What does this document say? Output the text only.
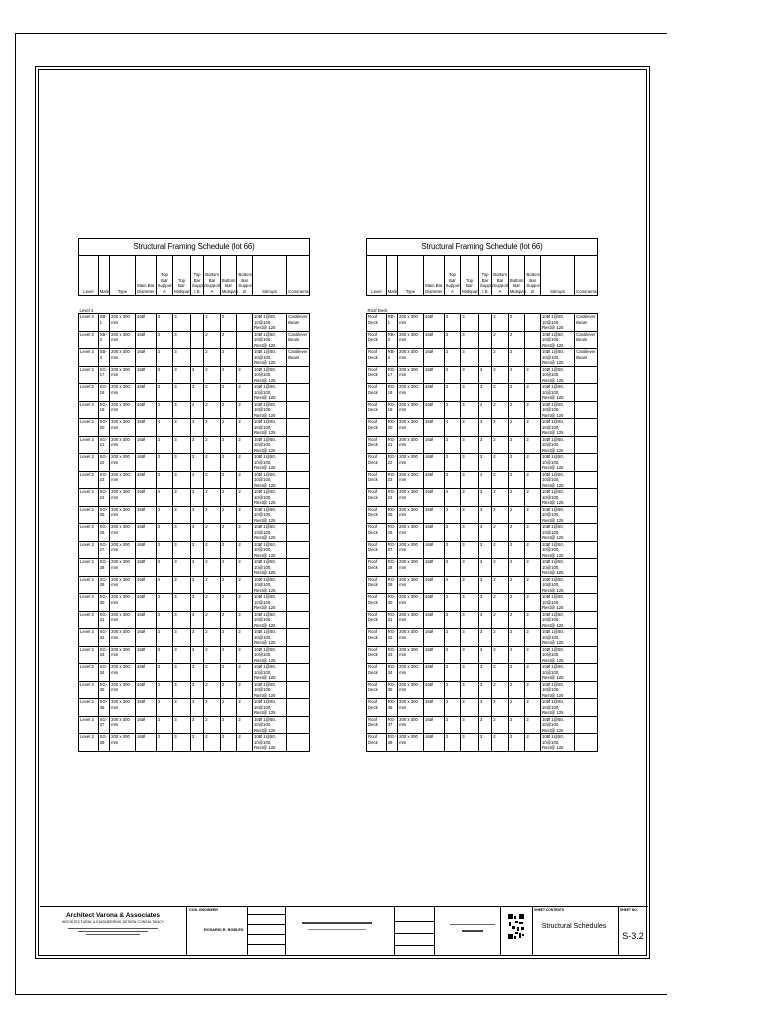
Structural Framing Schedule (lot 66)											
Level	Mark	Type	Main Bar Diameter	Top Bar Support A	Top Bar Midspan	Top Bar Suppor t B	Bottom Bar Support A	Bottom Bar Midspan	Bottom Bar Support B	Stirrups	Comments

Level 2											
Level 2	SB-1	200 x 300 mm	16Ø	3	3		2	2		10Ø 1@50, 10@100, Rest@ 125	Cantilever Beam
Level 2	SB-2	200 x 300 mm	16Ø	3	3		2	2		10Ø 1@50, 10@100, Rest@ 125	Cantilever Beam
Level 2	SB-3	200 x 300 mm	16Ø	3	3		2	2		10Ø 1@50, 10@100, Rest@ 125	Cantilever Beam
Level 2	SG-17	200 x 300 mm	16Ø	3	3	3	2	2	2	10Ø 1@50, 10@100, Rest@ 125	
Level 2	SG-18	200 x 300 mm	16Ø	3	3	3	2	2	2	10Ø 1@50, 10@100, Rest@ 125	
Level 2	SG-19	200 x 300 mm	16Ø	3	3	4	2	2	2	10Ø 1@50, 10@100, Rest@ 125	
Level 2	SG-20	200 x 300 mm	16Ø	4	3	3	2	2	2	10Ø 1@50, 10@100, Rest@ 125	
Level 2	SG-21	200 x 300 mm	16Ø	3	3	3	2	2	2	10Ø 1@50, 10@100, Rest@ 125	
Level 2	SG-22	200 x 300 mm	16Ø	3	3	3	2	2	2	10Ø 1@50, 10@100, Rest@ 125	
Level 2	SG-23	200 x 300 mm	16Ø	3	3	4	2	2	2	10Ø 1@50, 10@100, Rest@ 125	
Level 2	SG-24	200 x 300 mm	16Ø	4	3	3	2	2	2	10Ø 1@50, 10@100, Rest@ 125	
Level 2	SG-25	200 x 300 mm	16Ø	3	3	3	2	2	2	10Ø 1@50, 10@100, Rest@ 125	
Level 2	SG-26	200 x 300 mm	16Ø	3	3	3	2	2	2	10Ø 1@50, 10@100, Rest@ 125	
Level 2	SG-27	200 x 300 mm	16Ø	3	3	3	2	2	2	10Ø 1@50, 10@100, Rest@ 125	
Level 2	SG-28	200 x 300 mm	16Ø	3	3	3	2	2	2	10Ø 1@50, 10@100, Rest@ 125	
Level 2	SG-29	200 x 300 mm	16Ø	4	3	3	2	2	2	10Ø 1@50, 10@100, Rest@ 125	
Level 2	SG-30	200 x 300 mm	16Ø	3	3	3	2	2	2	10Ø 1@50, 10@100, Rest@ 125	
Level 2	SG-31	200 x 300 mm	16Ø	3	3	3	2	2	2	10Ø 1@50, 10@100, Rest@ 125	
Level 2	SG-32	200 x 300 mm	16Ø	3	3	3	2	2	2	10Ø 1@50, 10@100, Rest@ 125	
Level 2	SG-33	200 x 300 mm	16Ø	3	3	3	2	2	2	10Ø 1@50, 10@100, Rest@ 125	
Level 2	SG-34	200 x 300 mm	16Ø	3	3	3	2	2	2	10Ø 1@50, 10@100, Rest@ 125	
Level 2	SG-35	200 x 300 mm	16Ø	3	3	3	2	2	2	10Ø 1@50, 10@100, Rest@ 125	
Level 2	SG-36	200 x 300 mm	16Ø	3	3	3	2	2	2	10Ø 1@50, 10@100, Rest@ 125	
Level 2	SG-37	200 x 300 mm	16Ø	3	3	3	2	2	2	10Ø 1@50, 10@100, Rest@ 125	
Level 2	SG-38	200 x 300 mm	16Ø	3	3	3	2	2	2	10Ø 1@50, 10@100, Rest@ 125	
Structural Framing Schedule (lot 66)											
Level	Mark	Type	Main Bar Diameter	Top Bar Support A	Top Bar Midspan	Top Bar Suppor t B	Bottom Bar Support A	Bottom Bar Midspan	Bottom Bar Support B	Stirrups	Comments

Roof Deck											
Roof Deck	RB-1	200 x 300 mm	16Ø	3	3		2	2		10Ø 1@50, 10@100, Rest@ 125	Cantilever Beam
Roof Deck	RB-2	200 x 300 mm	16Ø	3	3		2	2		10Ø 1@50, 10@100, Rest@ 125	Cantilever Beam
Roof Deck	RB-3	200 x 300 mm	16Ø	3	3		2	2		10Ø 1@50, 10@100, Rest@ 125	Cantilever Beam
Roof Deck	RG-17	200 x 300 mm	16Ø	3	3	3	2	2	2	10Ø 1@50, 10@100, Rest@ 125	
Roof Deck	RG-18	200 x 300 mm	16Ø	3	3	3	2	2	2	10Ø 1@50, 10@100, Rest@ 125	
Roof Deck	RG-19	200 x 300 mm	16Ø	3	3	4	2	2	2	10Ø 1@50, 10@100, Rest@ 125	
Roof Deck	RG-20	200 x 300 mm	16Ø	4	3	3	2	2	2	10Ø 1@50, 10@100, Rest@ 125	
Roof Deck	RG-21	200 x 300 mm	16Ø	3	3	3	2	2	2	10Ø 1@50, 10@100, Rest@ 125	
Roof Deck	RG-22	200 x 300 mm	16Ø	3	3	3	2	2	2	10Ø 1@50, 10@100, Rest@ 125	
Roof Deck	RG-23	200 x 300 mm	16Ø	3	3	4	2	2	2	10Ø 1@50, 10@100, Rest@ 125	
Roof Deck	RG-24	200 x 300 mm	16Ø	4	3	3	2	2	2	10Ø 1@50, 10@100, Rest@ 125	
Roof Deck	RG-25	200 x 300 mm	16Ø	3	3	3	2	2	2	10Ø 1@50, 10@100, Rest@ 125	
Roof Deck	RG-26	200 x 300 mm	16Ø	3	3	3	2	2	2	10Ø 1@50, 10@100, Rest@ 125	
Roof Deck	RG-27	200 x 300 mm	16Ø	3	3	3	2	2	2	10Ø 1@50, 10@100, Rest@ 125	
Roof Deck	RG-28	200 x 300 mm	16Ø	3	3	3	2	2	2	10Ø 1@50, 10@100, Rest@ 125	
Roof Deck	RG-29	200 x 300 mm	16Ø	4	3	3	2	2	2	10Ø 1@50, 10@100, Rest@ 125	
Roof Deck	RG-30	200 x 300 mm	16Ø	3	3	3	2	2	2	10Ø 1@50, 10@100, Rest@ 125	
Roof Deck	RG-31	200 x 300 mm	16Ø	3	3	3	2	2	2	10Ø 1@50, 10@100, Rest@ 125	
Roof Deck	RG-32	200 x 300 mm	16Ø	3	3	3	2	2	2	10Ø 1@50, 10@100, Rest@ 125	
Roof Deck	RG-33	200 x 300 mm	16Ø	3	3	3	2	2	2	10Ø 1@50, 10@100, Rest@ 125	
Roof Deck	RG-34	200 x 300 mm	16Ø	3	3	3	2	2	2	10Ø 1@50, 10@100, Rest@ 125	
Roof Deck	RG-35	200 x 300 mm	16Ø	3	3	3	2	2	2	10Ø 1@50, 10@100, Rest@ 125	
Roof Deck	RG-36	200 x 300 mm	16Ø	3	3	3	2	2	2	10Ø 1@50, 10@100, Rest@ 125	
Roof Deck	RG-37	200 x 300 mm	16Ø	3	3	3	2	2	2	10Ø 1@50, 10@100, Rest@ 125	
Roof Deck	RG-38	200 x 300 mm	16Ø	3	3	3	2	2	2	10Ø 1@50, 10@100, Rest@ 125	
Architect Varona & Associates
ARCHITECTURAL & ENGINEERING DESIGN CONSULTANCY
CIVIL ENGINEER
ROSARIO R. ROBLES
SHEET CONTENTS
Structural Schedules
SHEET NO.
S-3.2
